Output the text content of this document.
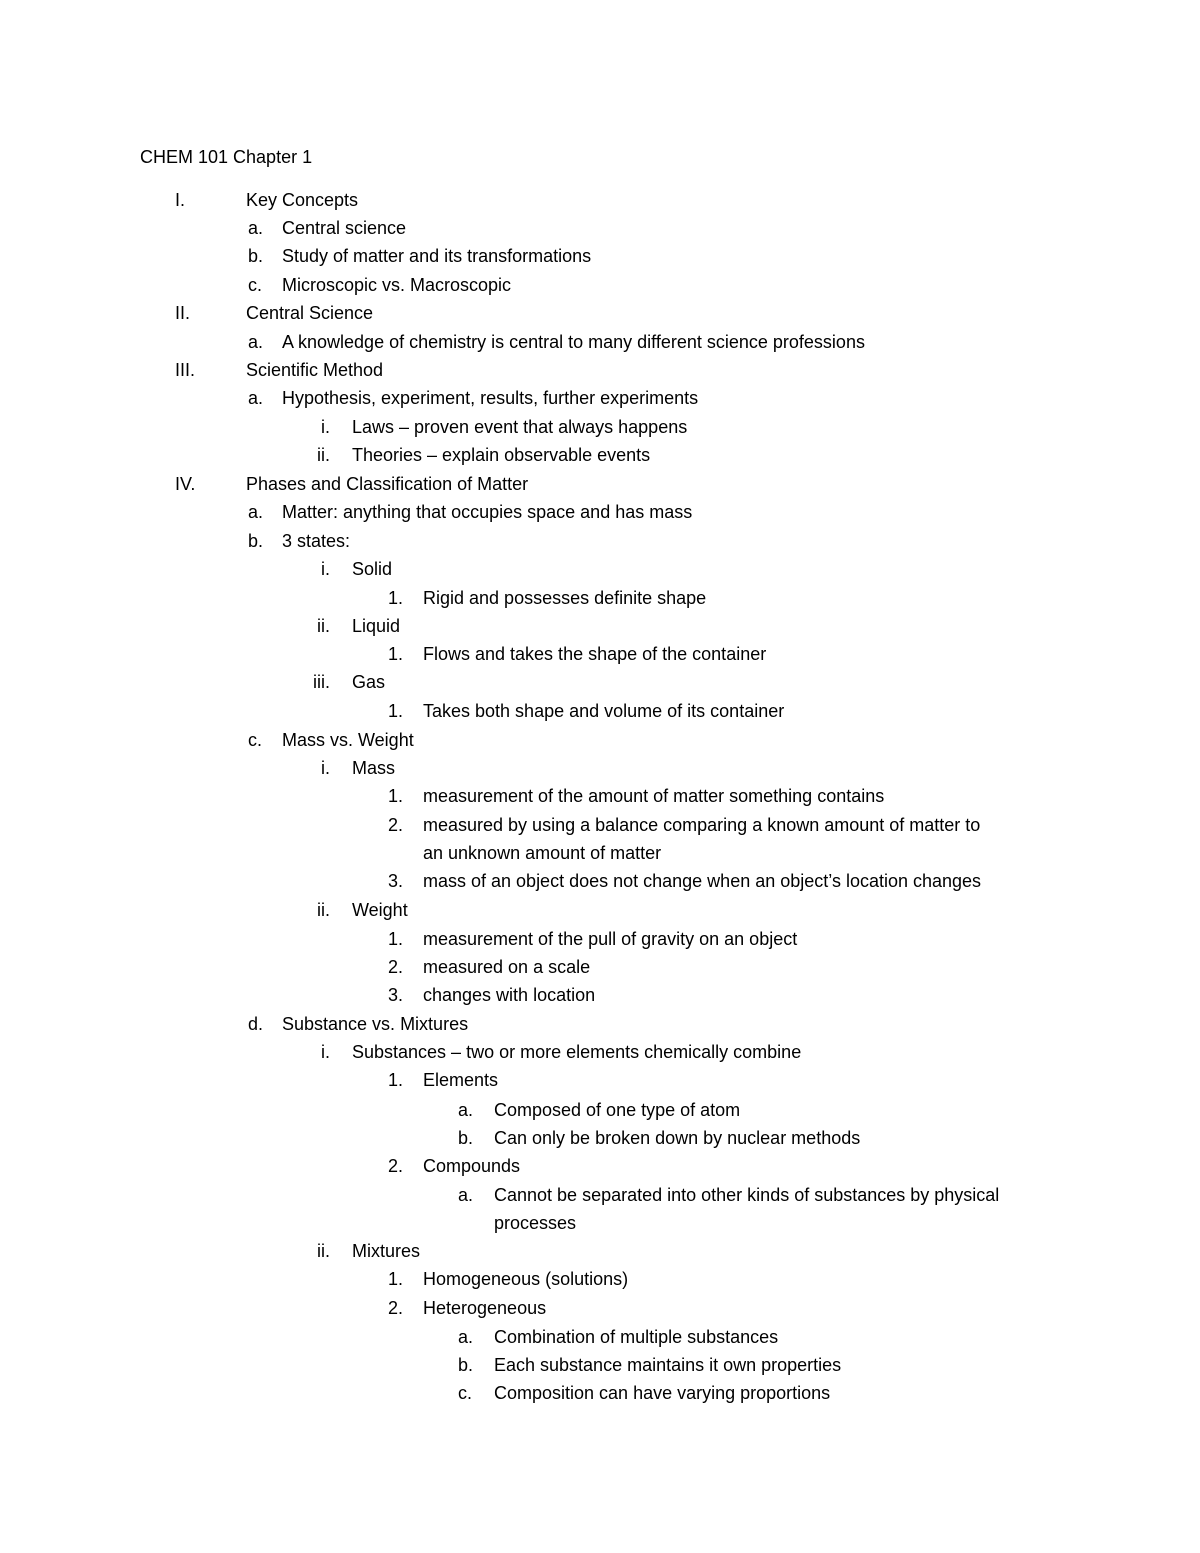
CHEM 101 Chapter 1
I.	Key Concepts
a. Central science
b. Study of matter and its transformations
c. Microscopic vs. Macroscopic
II.	Central Science
a. A knowledge of chemistry is central to many different science professions
III.	Scientific Method
a. Hypothesis, experiment, results, further experiments
i. Laws – proven event that always happens
ii. Theories – explain observable events
IV.	Phases and Classification of Matter
a. Matter: anything that occupies space and has mass
b. 3 states:
i. Solid
1. Rigid and possesses definite shape
ii. Liquid
1. Flows and takes the shape of the container
iii. Gas
1. Takes both shape and volume of its container
c. Mass vs. Weight
i. Mass
1. measurement of the amount of matter something contains
2. measured by using a balance comparing a known amount of matter to
an unknown amount of matter
3. mass of an object does not change when an object’s location changes
ii. Weight
1. measurement of the pull of gravity on an object
2. measured on a scale
3. changes with location
d. Substance vs. Mixtures
i. Substances – two or more elements chemically combine
1. Elements
a. Composed of one type of atom
b. Can only be broken down by nuclear methods
2. Compounds
a. Cannot be separated into other kinds of substances by physical
processes
ii. Mixtures
1. Homogeneous (solutions)
2. Heterogeneous
a. Combination of multiple substances
b. Each substance maintains it own properties
c. Composition can have varying proportions
